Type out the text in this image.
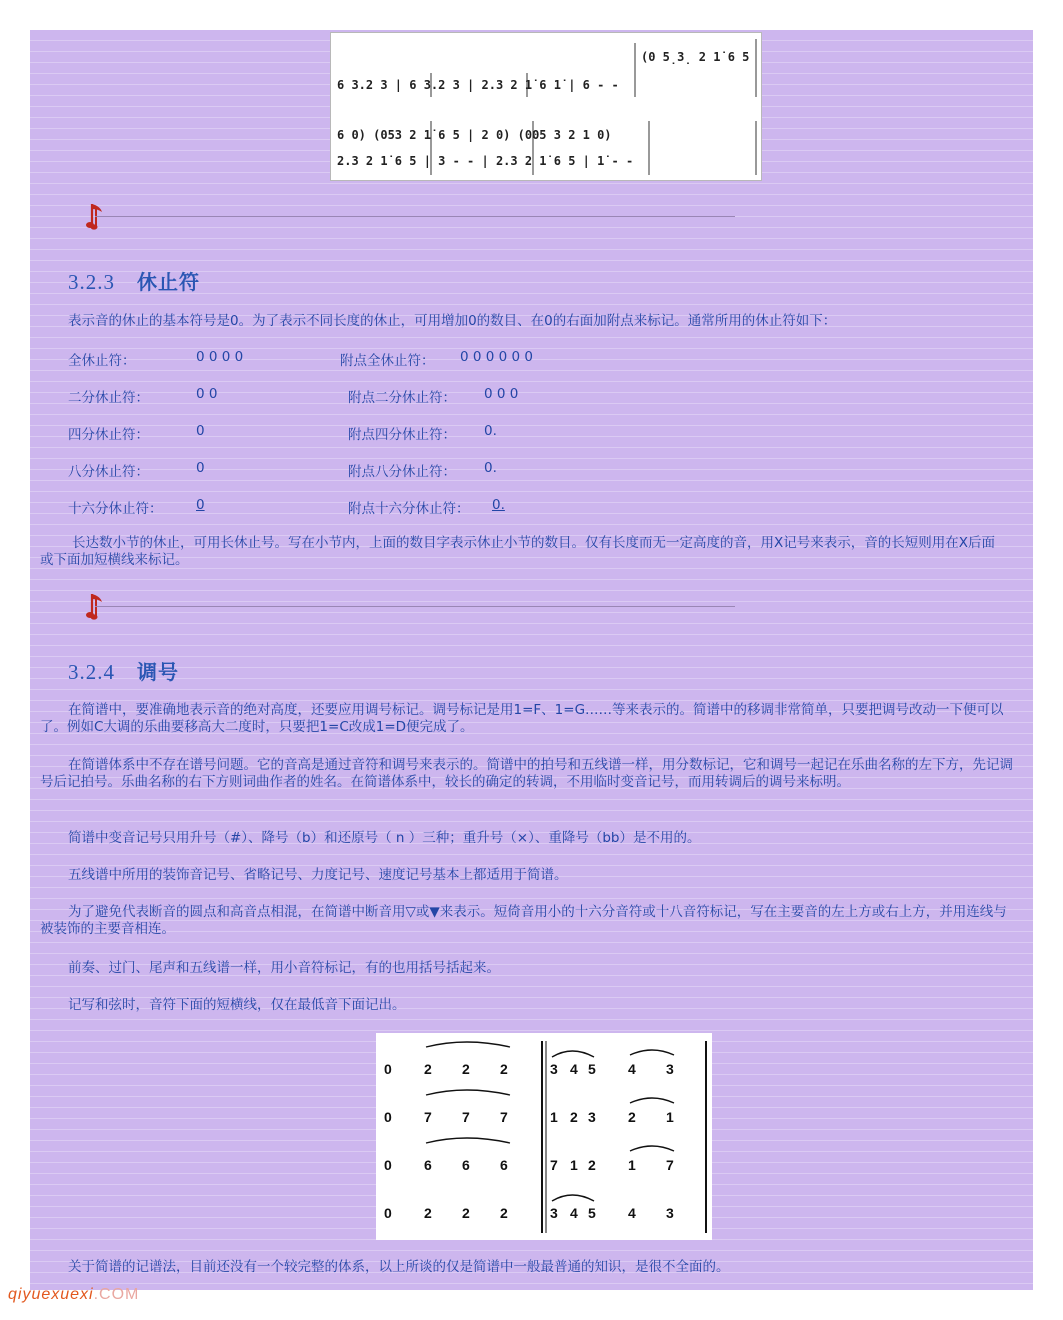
(0 5̣3̣ 2 1̇ 6 5
6 3.2 3 | 6 3.2 3 | 2.3 2 1̇ 6 1̇ | 6 - -
6 0) (053 2 1̇ 6 5 | 2 0) (005 3 2 1 0)
2.3 2 1̇ 6 5 | 3 - - | 2.3 2 1̇ 6 5 | 1̇ - -
3.2.3 休止符
表示音的休止的基本符号是0。为了表示不同长度的休止，可用增加0的数目、在0的右面加附点来标记。通常所用的休止符如下：
全休止符：	0 0 0 0	附点全休止符： 0 0 0 0 0 0
二分休止符：	0 0	附点二分休止符： 0 0 0
四分休止符：	0	附点四分休止符： 0.
八分休止符：	0	附点八分休止符： 0.
十六分休止符： 0	附点十六分休止符： 0.
长达数小节的休止，可用长休止号。写在小节内，上面的数目字表示休止小节的数目。仅有长度而无一定高度的音，用X记号来表示，音的长短则用在X后面或下面加短横线来标记。
3.2.4 调号
在简谱中，要准确地表示音的绝对高度，还要应用调号标记。调号标记是用1=F、1=G……等来表示的。简谱中的移调非常简单，只要把调号改动一下便可以了。例如C大调的乐曲要移高大二度时，只要把1=C改成1=D便完成了。
在简谱体系中不存在谱号问题。它的音高是通过音符和调号来表示的。简谱中的拍号和五线谱一样，用分数标记，它和调号一起记在乐曲名称的左下方，先记调号后记拍号。乐曲名称的右下方则词曲作者的姓名。在简谱体系中，较长的确定的转调，不用临时变音记号，而用转调后的调号来标明。
简谱中变音记号只用升号（#）、降号（b）和还原号（ n ）三种；重升号（×）、重降号（bb）是不用的。
五线谱中所用的装饰音记号、省略记号、力度记号、速度记号基本上都适用于简谱。
为了避免代表断音的圆点和高音点相混，在简谱中断音用▽或▼来表示。短倚音用小的十六分音符或十八音符标记，写在主要音的左上方或右上方，并用连线与被装饰的主要音相连。
前奏、过门、尾声和五线谱一样，用小音符标记，有的也用括号括起来。
记写和弦时，音符下面的短横线，仅在最低音下面记出。
0 2 2 2	3 4 5 4 3
0 7 7 7	1 2 3 2 1
0 6 6 6	7 1 2 1 7
0 2 2 2	3 4 5 4 3
关于简谱的记谱法，目前还没有一个较完整的体系，以上所谈的仅是简谱中一般最普通的知识，是很不全面的。
qiyuexuexi.COM
